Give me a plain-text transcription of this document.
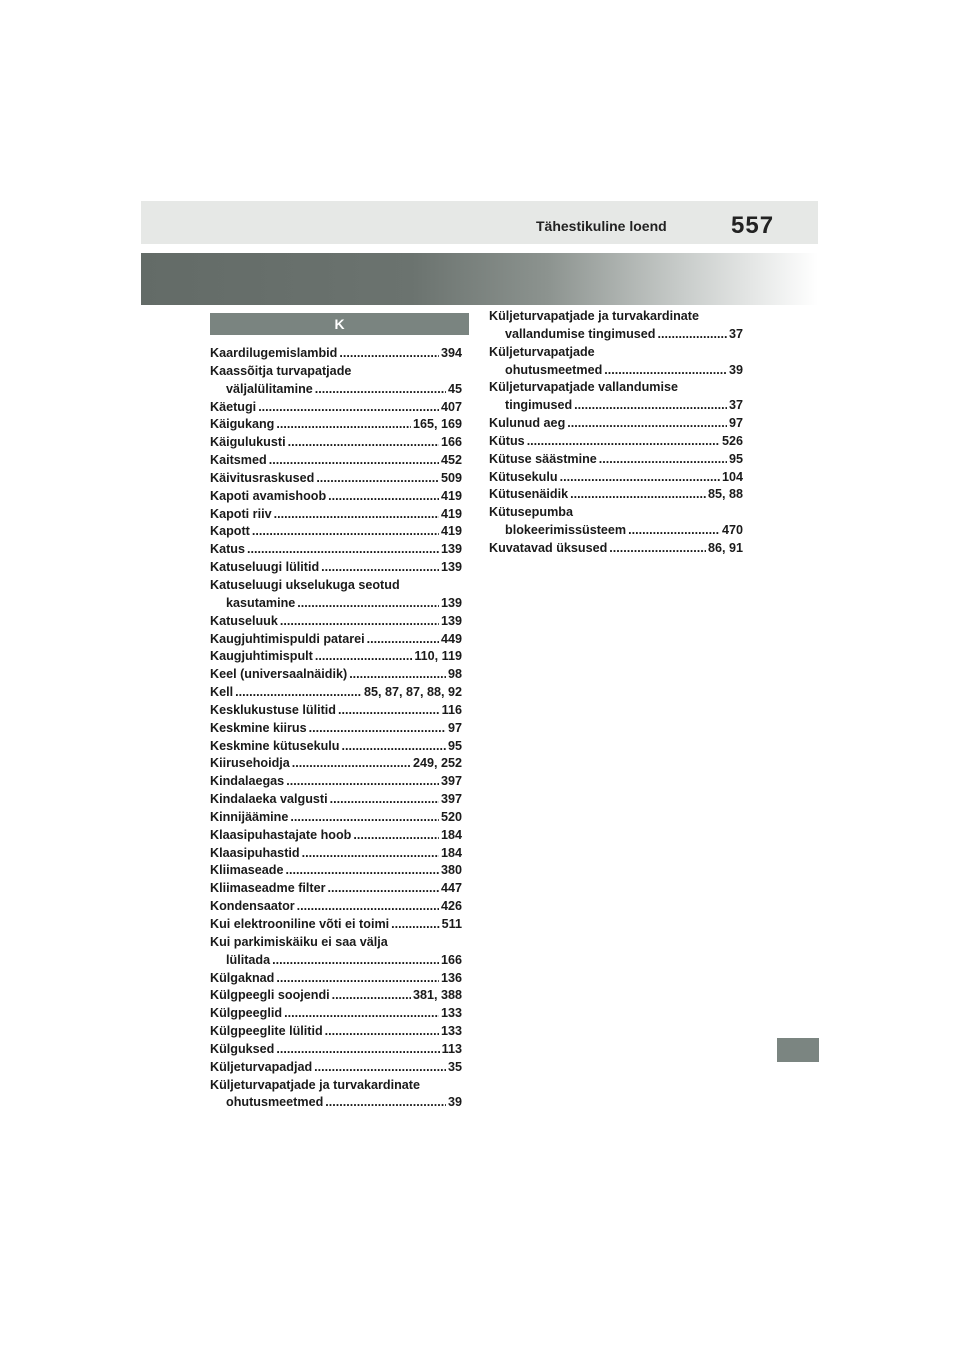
Tähestikuline loend	557
K
Kaardilugemislambid .....	394
Kaassõitja turvapatjade
väljalülitamine .....	45
Käetugi .....	407
Käigukang .....	165, 169
Käigulukusti .....	166
Kaitsmed .....	452
Käivitusraskused .....	509
Kapoti avamishoob .....	419
Kapoti riiv .....	419
Kapott .....	419
Katus .....	139
Katuseluugi lülitid .....	139
Katuseluugi ukselukuga seotud
kasutamine .....	139
Katuseluuk .....	139
Kaugjuhtimispuldi patarei .....	449
Kaugjuhtimispult .....	110, 119
Keel (universaalnäidik) .....	98
Kell .....	85, 87, 87, 88, 92
Kesklukustuse lülitid .....	116
Keskmine kiirus .....	97
Keskmine kütusekulu .....	95
Kiirusehoidja .....	249, 252
Kindalaegas .....	397
Kindalaeka valgusti .....	397
Kinnijäämine .....	520
Klaasipuhastajate hoob .....	184
Klaasipuhastid .....	184
Kliimaseade .....	380
Kliimaseadme filter .....	447
Kondensaator .....	426
Kui elektrooniline võti ei toimi .....	511
Kui parkimiskäiku ei saa välja
lülitada .....	166
Külgaknad .....	136
Külgpeegli soojendi .....	381, 388
Külgpeeglid .....	133
Külgpeeglite lülitid .....	133
Külguksed .....	113
Küljeturvapadjad .....	35
Küljeturvapatjade ja turvakardinate
ohutusmeetmed .....	39
Küljeturvapatjade ja turvakardinate
vallandumise tingimused .....	37
Küljeturvapatjade
ohutusmeetmed .....	39
Küljeturvapatjade vallandumise
tingimused .....	37
Kulunud aeg .....	97
Kütus .....	526
Kütuse säästmine .....	95
Kütusekulu .....	104
Kütusenäidik .....	85, 88
Kütusepumba
blokeerimissüsteem .....	470
Kuvatavad üksused .....	86, 91
